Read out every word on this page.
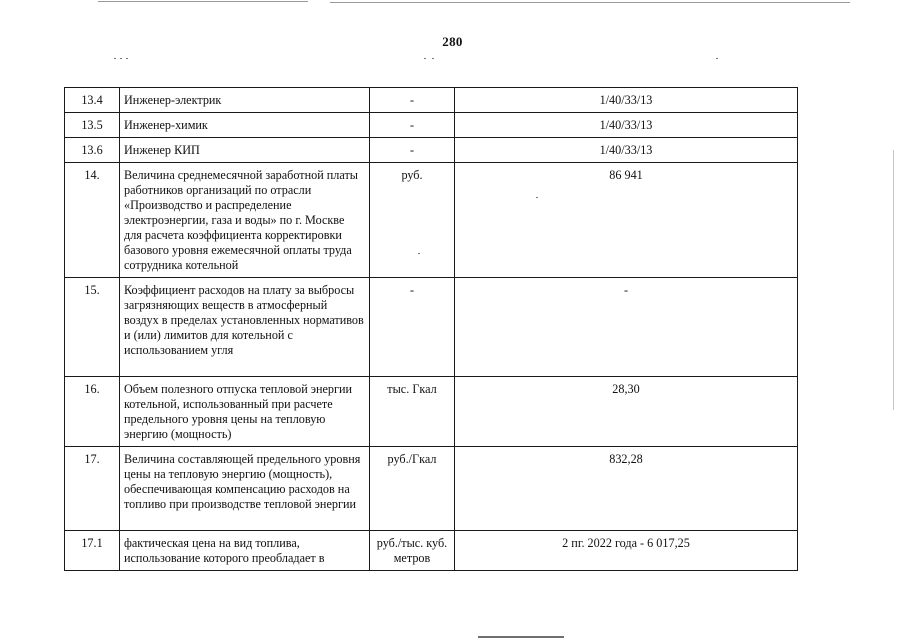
280
13.4	Инженер-электрик	-	1/40/33/13
13.5	Инженер-химик	-	1/40/33/13
13.6	Инженер КИП	-	1/40/33/13
14.	Величина среднемесячной заработной платы работников организаций по отрасли «Производство и распределение электроэнергии, газа и воды» по г. Москве для расчета коэффициента корректировки базового уровня ежемесячной оплаты труда сотрудника котельной	руб.	86 941
15.	Коэффициент расходов на плату за выбросы загрязняющих веществ в атмосферный воздух в пределах установленных нормативов и (или) лимитов для котельной с использованием угля	-	-
16.	Объем полезного отпуска тепловой энергии котельной, использованный при расчете предельного уровня цены на тепловую энергию (мощность)	тыс. Гкал	28,30
17.	Величина составляющей предельного уровня цены на тепловую энергию (мощность), обеспечивающая компенсацию расходов на топливо при производстве тепловой энергии	руб./Гкал	832,28
17.1	фактическая цена на вид топлива, использование которого преобладает в	руб./тыс. куб. метров	2 пг. 2022 года - 6 017,25
